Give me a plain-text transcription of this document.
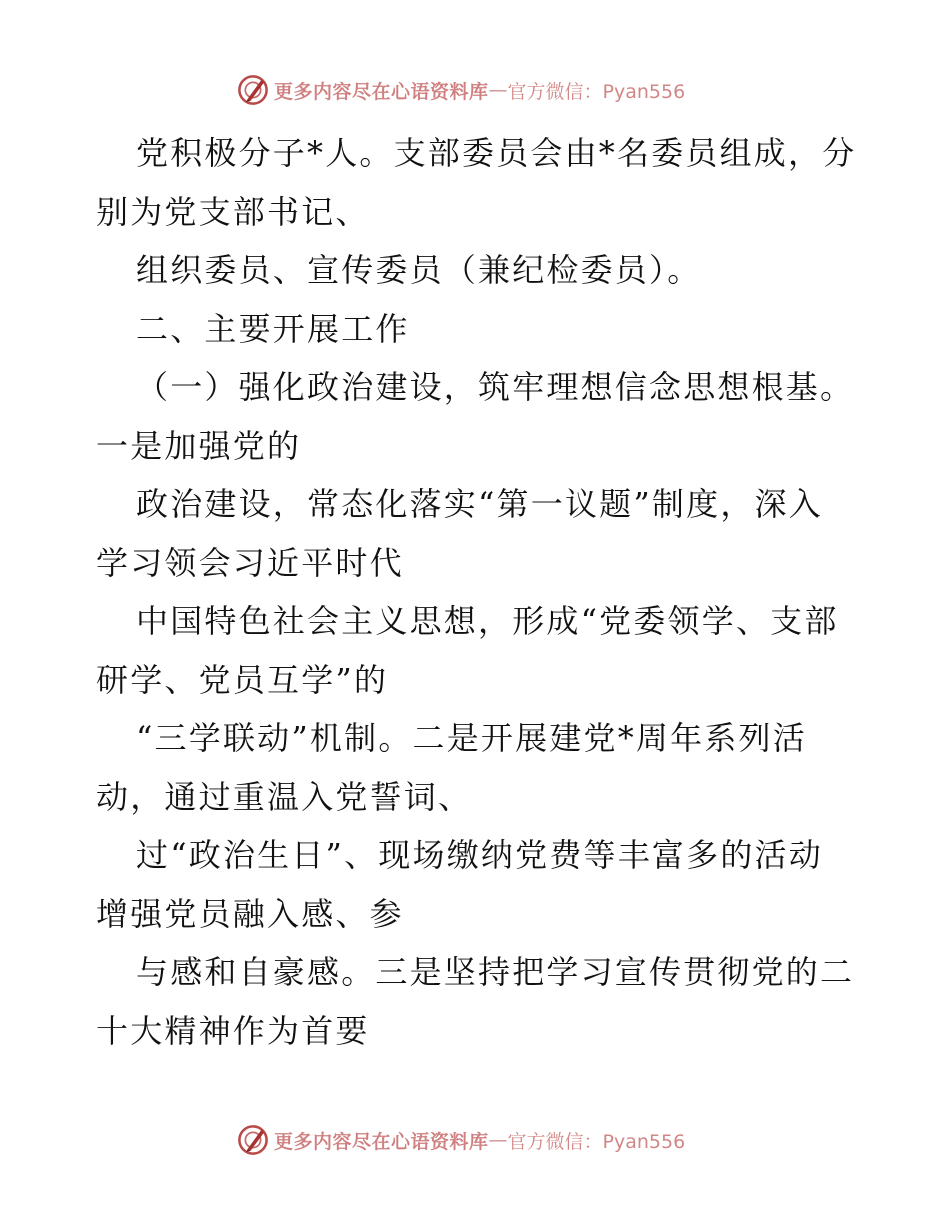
更多内容尽在心语资料库 — 官方微信：Pyan556
党积极分子*人。支部委员会由*名委员组成，分
别为党支部书记、
组织委员、宣传委员（兼纪检委员）。
二、主要开展工作
（一）强化政治建设，筑牢理想信念思想根基。
一是加强党的
政治建设，常态化落实“第一议题”制度，深入
学习领会习近平时代
中国特色社会主义思想，形成“党委领学、支部
研学、党员互学”的
“三学联动”机制。二是开展建党*周年系列活
动，通过重温入党誓词、
过“政治生日”、现场缴纳党费等丰富多的活动
增强党员融入感、参
与感和自豪感。三是坚持把学习宣传贯彻党的二
十大精神作为首要
更多内容尽在心语资料库 — 官方微信：Pyan556
